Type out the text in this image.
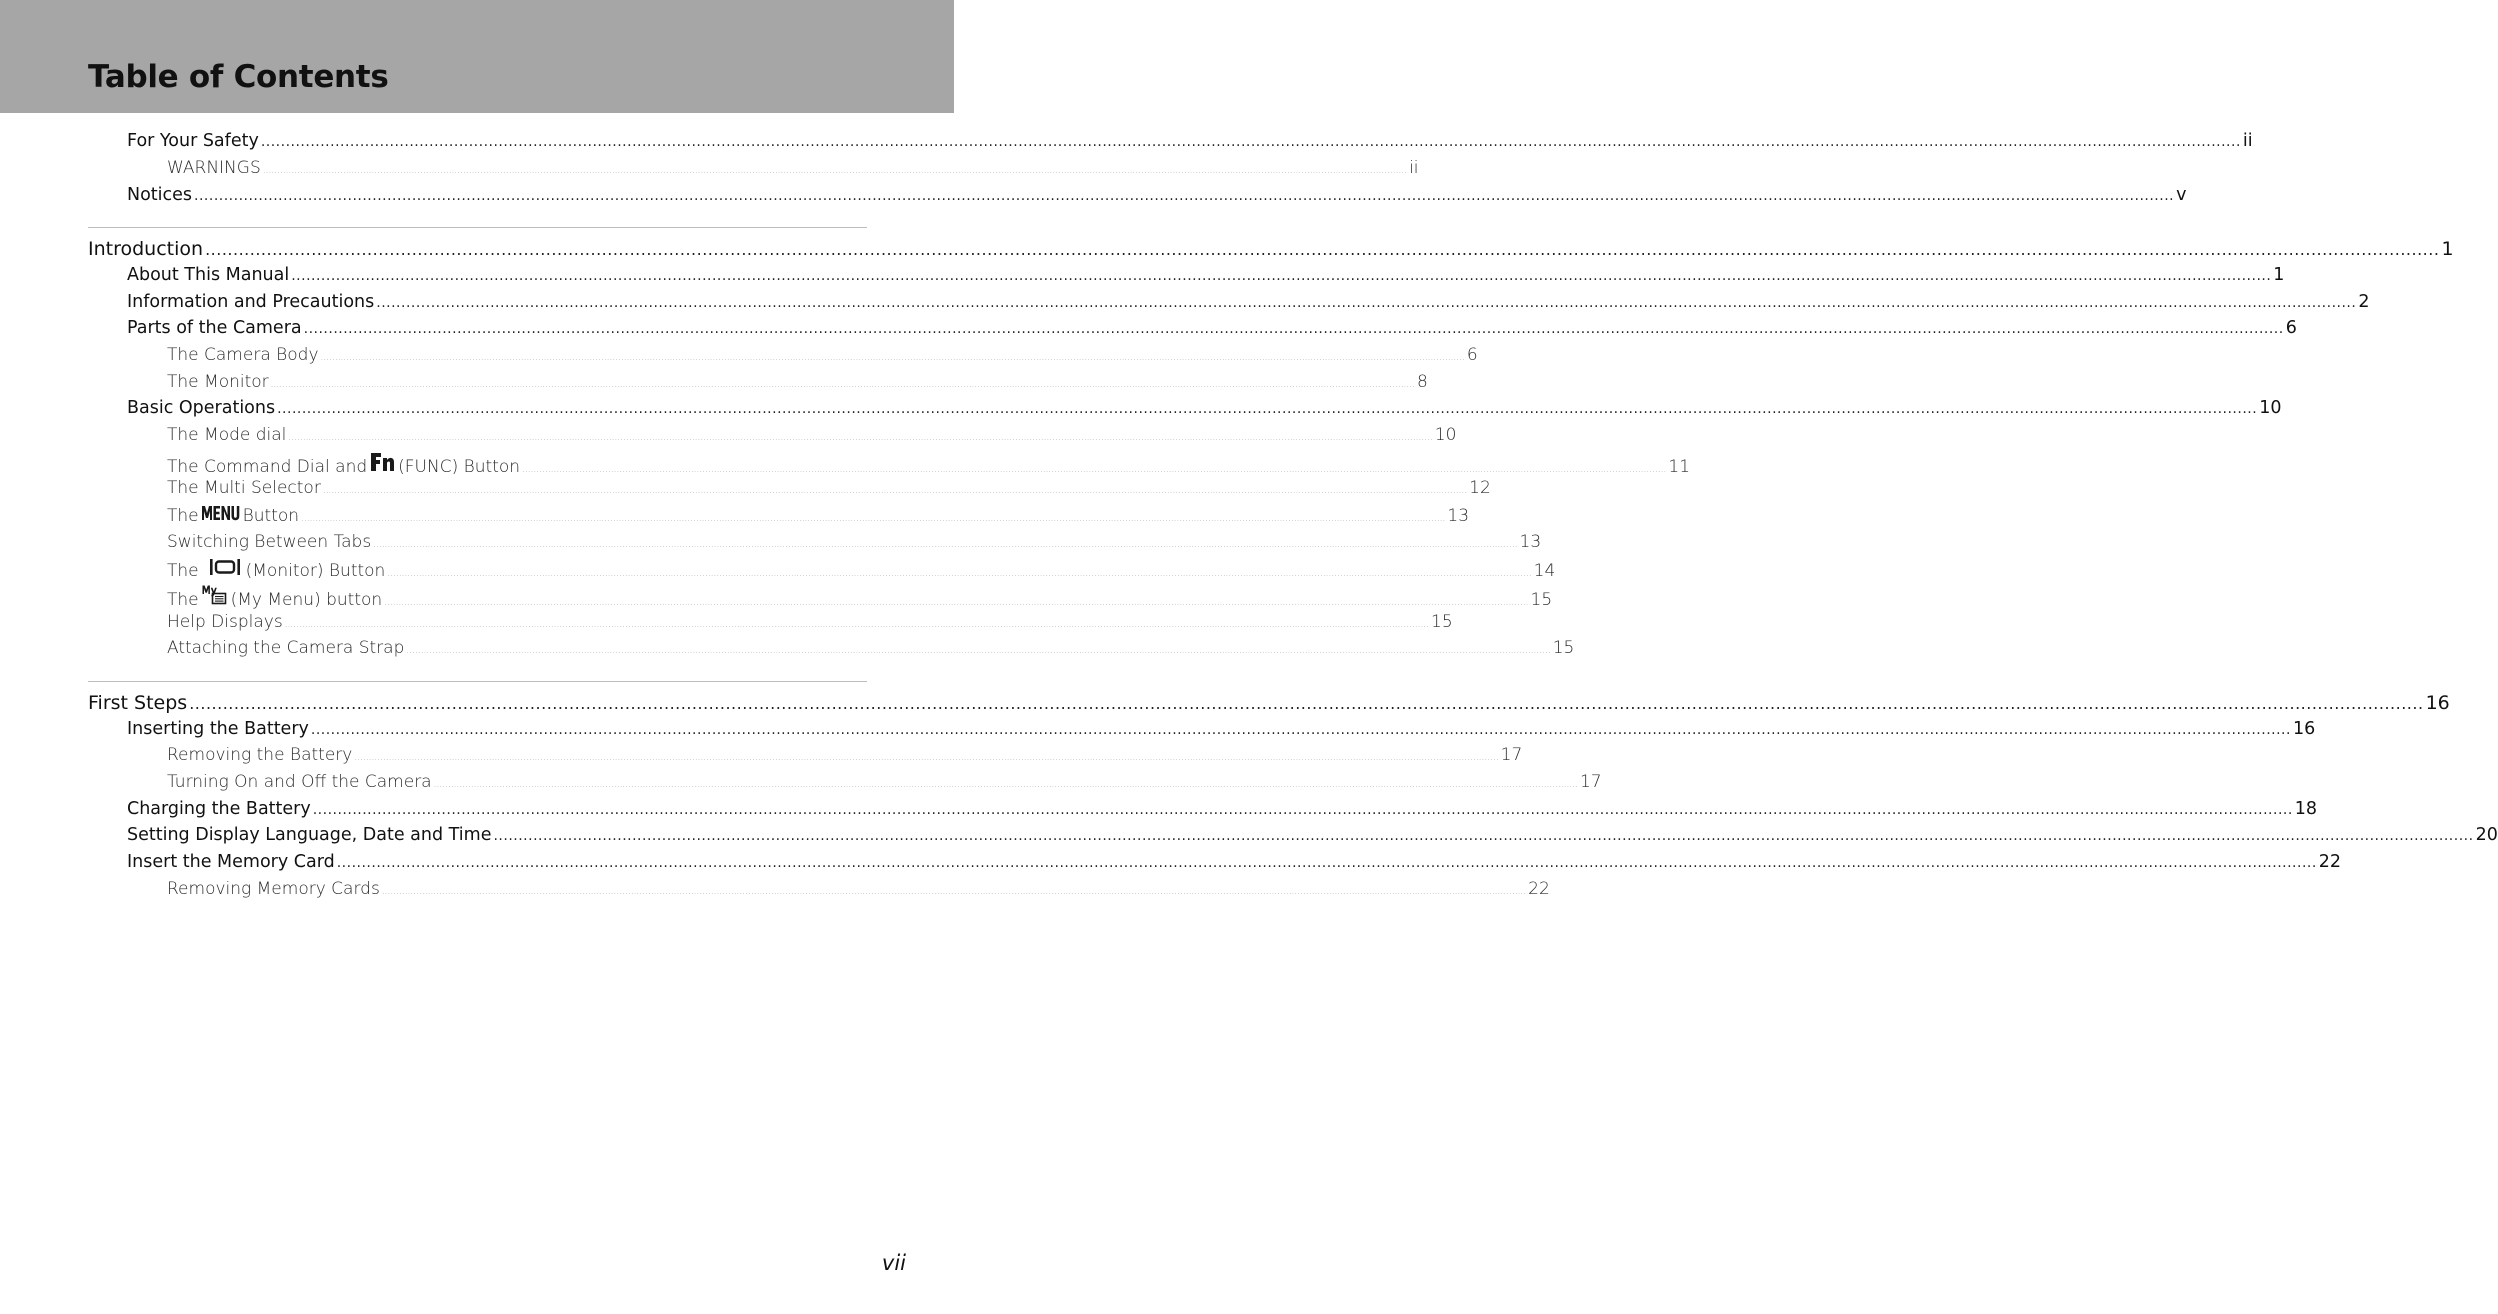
Table of Contents
For Your Safety ................................................................................................................................................................................................................................................................................................................................................................................................................ ii
WARNINGS ................................................................................................................................................................................................................................................................................................................................................................................................................ ii
Notices ................................................................................................................................................................................................................................................................................................................................................................................................................ v
Introduction ................................................................................................................................................................................................................................................................................................................................................................................................................ 1
About This Manual ................................................................................................................................................................................................................................................................................................................................................................................................................ 1
Information and Precautions ................................................................................................................................................................................................................................................................................................................................................................................................................ 2
Parts of the Camera ................................................................................................................................................................................................................................................................................................................................................................................................................ 6
The Camera Body ................................................................................................................................................................................................................................................................................................................................................................................................................ 6
The Monitor ................................................................................................................................................................................................................................................................................................................................................................................................................ 8
Basic Operations ................................................................................................................................................................................................................................................................................................................................................................................................................ 10
The Mode dial ................................................................................................................................................................................................................................................................................................................................................................................................................ 10
The Command Dial and (FUNC) Button ................................................................................................................................................................................................................................................................................................................................................................................................................ 11
The Multi Selector ................................................................................................................................................................................................................................................................................................................................................................................................................ 12
The	Button ................................................................................................................................................................................................................................................................................................................................................................................................................ 13
Switching Between Tabs ................................................................................................................................................................................................................................................................................................................................................................................................................ 13
The	(Monitor) Button ................................................................................................................................................................................................................................................................................................................................................................................................................ 14
The (My Menu) button ................................................................................................................................................................................................................................................................................................................................................................................................................ 15
Help Displays ................................................................................................................................................................................................................................................................................................................................................................................................................ 15
Attaching the Camera Strap ................................................................................................................................................................................................................................................................................................................................................................................................................ 15
First Steps ................................................................................................................................................................................................................................................................................................................................................................................................................ 16
Inserting the Battery ................................................................................................................................................................................................................................................................................................................................................................................................................ 16
Removing the Battery ................................................................................................................................................................................................................................................................................................................................................................................................................ 17
Turning On and Off the Camera ................................................................................................................................................................................................................................................................................................................................................................................................................ 17
Charging the Battery ................................................................................................................................................................................................................................................................................................................................................................................................................ 18
Setting Display Language, Date and Time ................................................................................................................................................................................................................................................................................................................................................................................................................ 20
Insert the Memory Card ................................................................................................................................................................................................................................................................................................................................................................................................................ 22
Removing Memory Cards ................................................................................................................................................................................................................................................................................................................................................................................................................ 22
vii
